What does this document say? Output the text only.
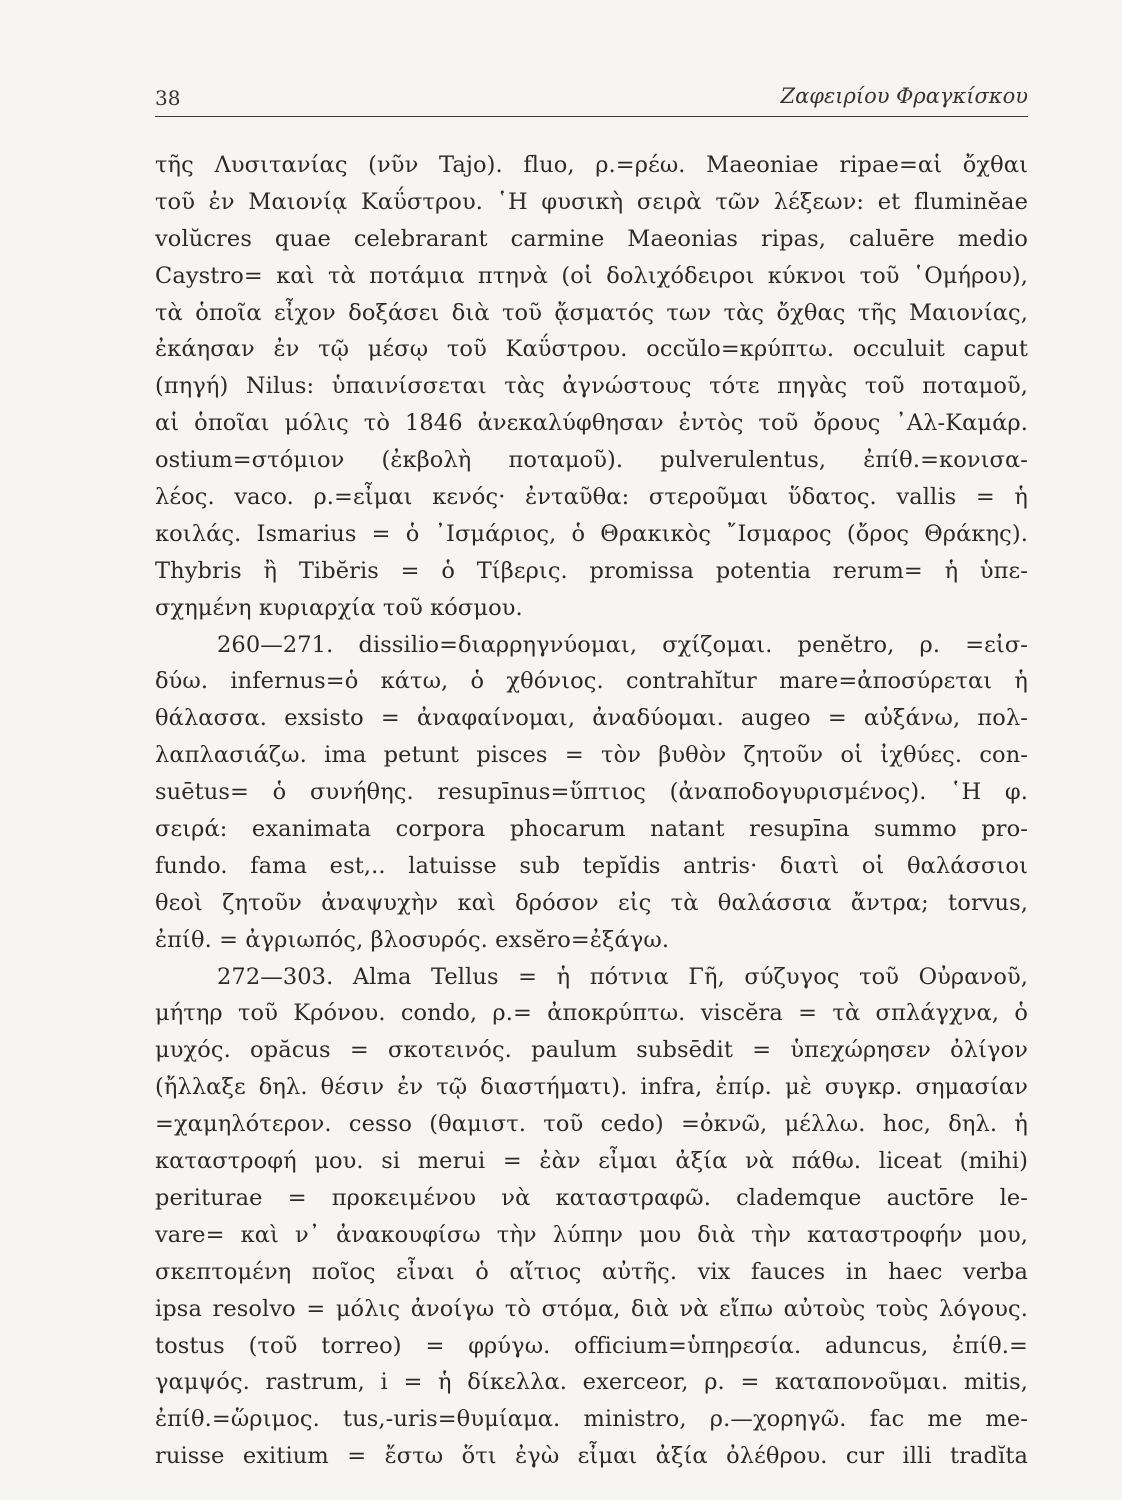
38	Ζαφειρίου Φραγκίσκου
τῆς Λυσιτανίας (νῦν Tajo). fluo, ρ.=ρέω. Maeoniae ripae=αἱ ὄχθαι
τοῦ ἐν Μαιονίᾳ Καΰστρου. ῾Η φυσικὴ σειρὰ τῶν λέξεων: et fluminĕae
volŭcres quae celebrarant carmine Maeonias ripas, caluēre medio
Caystro= καὶ τὰ ποτάμια πτηνὰ (οἱ δολιχόδειροι κύκνοι τοῦ ῾Ομήρου),
τὰ ὁποῖα εἶχον δοξάσει διὰ τοῦ ᾄσματός των τὰς ὄχθας τῆς Μαιονίας,
ἐκάησαν ἐν τῷ μέσῳ τοῦ Καΰστρου. occŭlo=κρύπτω. occuluit caput
(πηγή) Nilus: ὑπαινίσσεται τὰς ἀγνώστους τότε πηγὰς τοῦ ποταμοῦ,
αἱ ὁποῖαι μόλις τὸ 1846 ἀνεκαλύφθησαν ἐντὸς τοῦ ὄρους ᾿Αλ-Καμάρ.
ostium=στόμιον (ἐκβολὴ ποταμοῦ). pulverulentus, ἐπίθ.=κονισα-
λέος. vaco. ρ.=εἶμαι κενός· ἐνταῦθα: στεροῦμαι ὕδατος. vallis = ἡ
κοιλάς. Ismarius = ὁ ᾿Ισμάριος, ὁ Θρακικὸς ῎Ισμαρος (ὄρος Θράκης).
Thybris ἢ Tibĕris = ὁ Τίβερις. promissa potentia rerum= ἡ ὑπε-
σχημένη κυριαρχία τοῦ κόσμου.
260—271. dissilio=διαρρηγνύομαι, σχίζομαι. penĕtro, ρ. =εἰσ-
δύω. infernus=ὁ κάτω, ὁ χθόνιος. contrahĭtur mare=ἀποσύρεται ἡ
θάλασσα. exsisto = ἀναφαίνομαι, ἀναδύομαι. augeo = αὐξάνω, πολ-
λαπλασιάζω. ima petunt pisces = τὸν βυθὸν ζητοῦν οἱ ἰχθύες. con-
suētus= ὁ συνήθης. resupīnus=ὕπτιος (ἀναποδογυρισμένος). ῾Η φ.
σειρά: exanimata corpora phocarum natant resupīna summo pro-
fundo. fama est,.. latuisse sub tepĭdis antris· διατὶ οἱ θαλάσσιοι
θεοὶ ζητοῦν ἀναψυχὴν καὶ δρόσον εἰς τὰ θαλάσσια ἄντρα; torvus,
ἐπίθ. = ἀγριωπός, βλοσυρός. exsĕro=ἐξάγω.
272—303. Alma Tellus = ἡ πότνια Γῆ, σύζυγος τοῦ Οὐρανοῦ,
μήτηρ τοῦ Κρόνου. condo, ρ.= ἀποκρύπτω. viscĕra = τὰ σπλάγχνα, ὁ
μυχός. opăcus = σκοτεινός. paulum subsēdit = ὑπεχώρησεν ὀλίγον
(ἤλλαξε δηλ. θέσιν ἐν τῷ διαστήματι). infra, ἐπίρ. μὲ συγκρ. σημασίαν
=χαμηλότερον. cesso (θαμιστ. τοῦ cedo) =ὀκνῶ, μέλλω. hoc, δηλ. ἡ
καταστροφή μου. si merui = ἐὰν εἶμαι ἀξία νὰ πάθω. liceat (mihi)
periturae = προκειμένου νὰ καταστραφῶ. clademque auctōre le-
vare= καὶ ν᾿ ἀνακουφίσω τὴν λύπην μου διὰ τὴν καταστροφήν μου,
σκεπτομένη ποῖος εἶναι ὁ αἴτιος αὐτῆς. vix fauces in haec verba
ipsa resolvo = μόλις ἀνοίγω τὸ στόμα, διὰ νὰ εἴπω αὐτοὺς τοὺς λόγους.
tostus (τοῦ torreo) = φρύγω. officium=ὑπηρεσία. aduncus, ἐπίθ.=
γαμψός. rastrum, i = ἡ δίκελλα. exerceor, ρ. = καταπονοῦμαι. mitis,
ἐπίθ.=ὥριμος. tus,-uris=θυμίαμα. ministro, ρ.—χορηγῶ. fac me me-
ruisse exitium = ἔστω ὅτι ἐγὼ εἶμαι ἀξία ὀλέθρου. cur illi tradĭta
